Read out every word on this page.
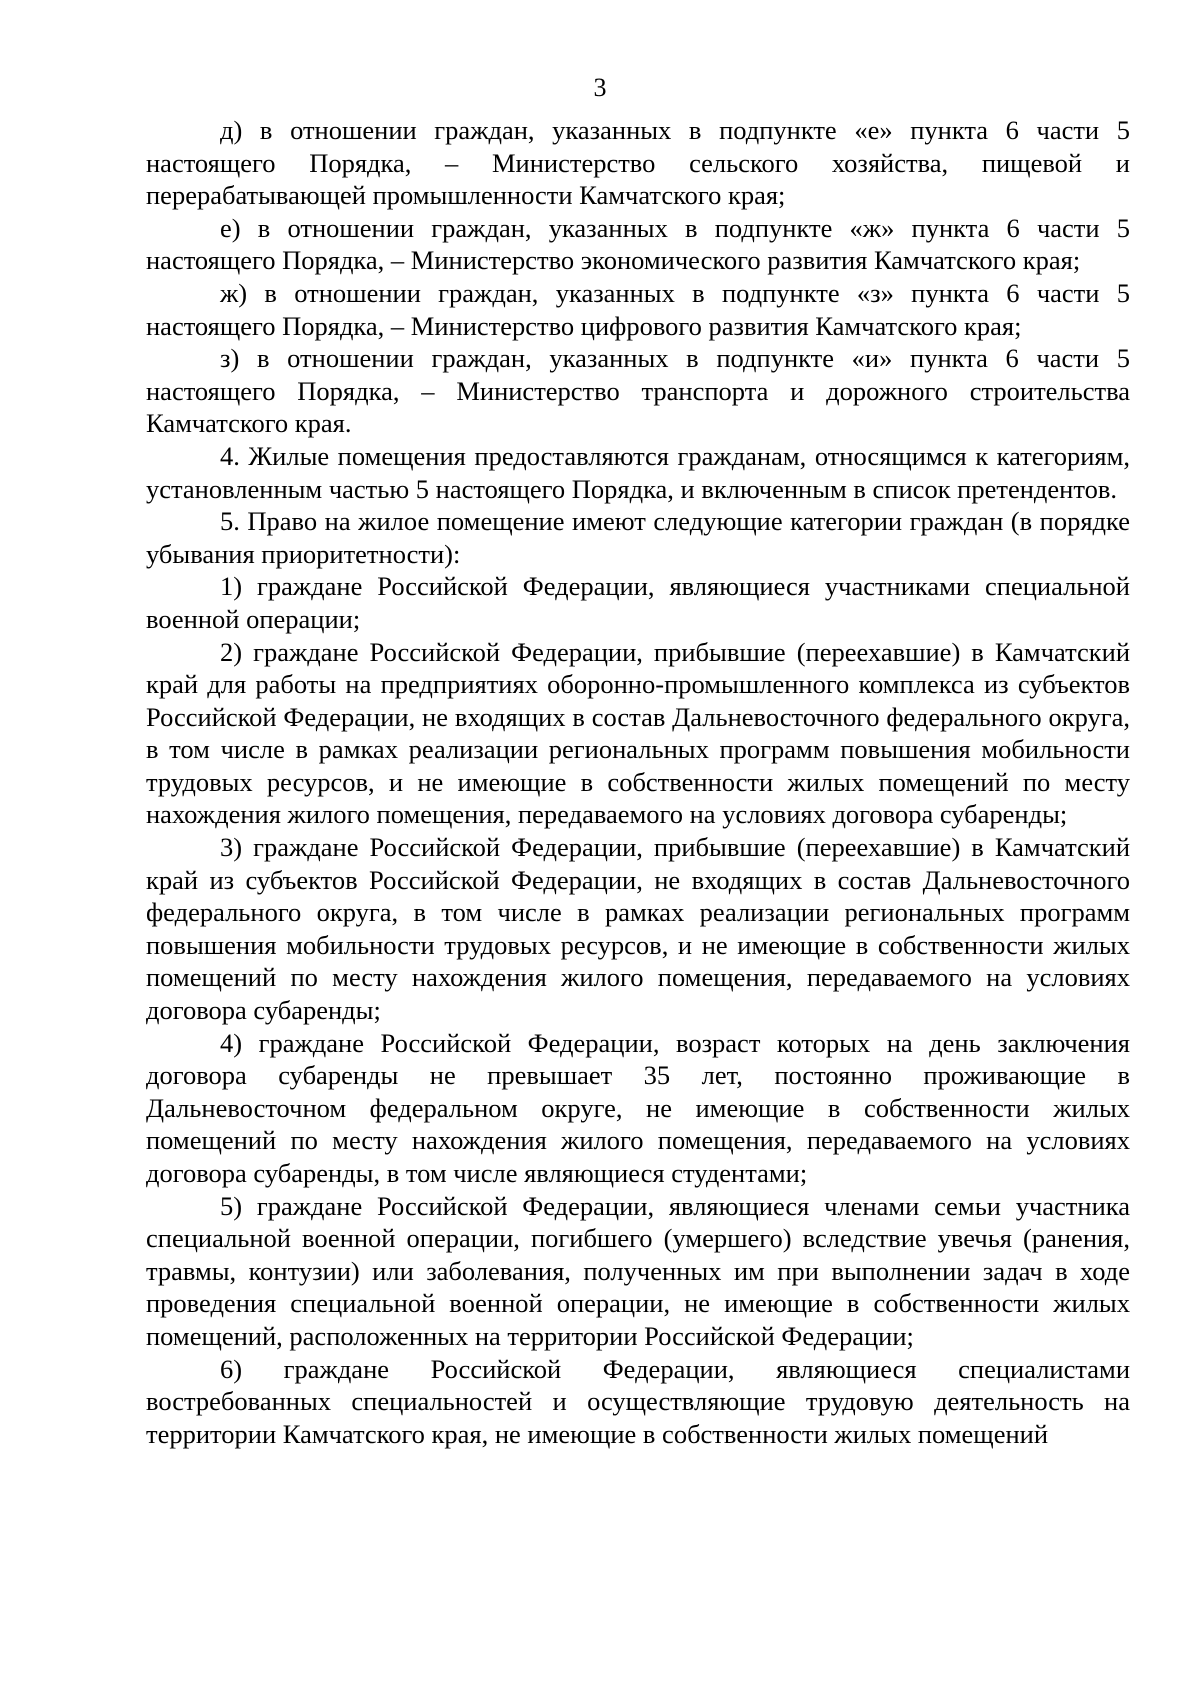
3

д) в отношении граждан, указанных в подпункте «е» пункта 6 части 5 настоящего Порядка, – Министерство сельского хозяйства, пищевой и перерабатывающей промышленности Камчатского края;

е) в отношении граждан, указанных в подпункте «ж» пункта 6 части 5 настоящего Порядка, – Министерство экономического развития Камчатского края;

ж) в отношении граждан, указанных в подпункте «з» пункта 6 части 5 настоящего Порядка, – Министерство цифрового развития Камчатского края;

з) в отношении граждан, указанных в подпункте «и» пункта 6 части 5 настоящего Порядка, – Министерство транспорта и дорожного строительства Камчатского края.

4. Жилые помещения предоставляются гражданам, относящимся к категориям, установленным частью 5 настоящего Порядка, и включенным в список претендентов.

5. Право на жилое помещение имеют следующие категории граждан (в порядке убывания приоритетности):

1) граждане Российской Федерации, являющиеся участниками специальной военной операции;

2) граждане Российской Федерации, прибывшие (переехавшие) в Камчатский край для работы на предприятиях оборонно-промышленного комплекса из субъектов Российской Федерации, не входящих в состав Дальневосточного федерального округа, в том числе в рамках реализации региональных программ повышения мобильности трудовых ресурсов, и не имеющие в собственности жилых помещений по месту нахождения жилого помещения, передаваемого на условиях договора субаренды;

3) граждане Российской Федерации, прибывшие (переехавшие) в Камчатский край из субъектов Российской Федерации, не входящих в состав Дальневосточного федерального округа, в том числе в рамках реализации региональных программ повышения мобильности трудовых ресурсов, и не имеющие в собственности жилых помещений по месту нахождения жилого помещения, передаваемого на условиях договора субаренды;

4) граждане Российской Федерации, возраст которых на день заключения договора субаренды не превышает 35 лет, постоянно проживающие в Дальневосточном федеральном округе, не имеющие в собственности жилых помещений по месту нахождения жилого помещения, передаваемого на условиях договора субаренды, в том числе являющиеся студентами;

5) граждане Российской Федерации, являющиеся членами семьи участника специальной военной операции, погибшего (умершего) вследствие увечья (ранения, травмы, контузии) или заболевания, полученных им при выполнении задач в ходе проведения специальной военной операции, не имеющие в собственности жилых помещений, расположенных на территории Российской Федерации;

6) граждане Российской Федерации, являющиеся специалистами востребованных специальностей и осуществляющие трудовую деятельность на территории Камчатского края, не имеющие в собственности жилых помещений
